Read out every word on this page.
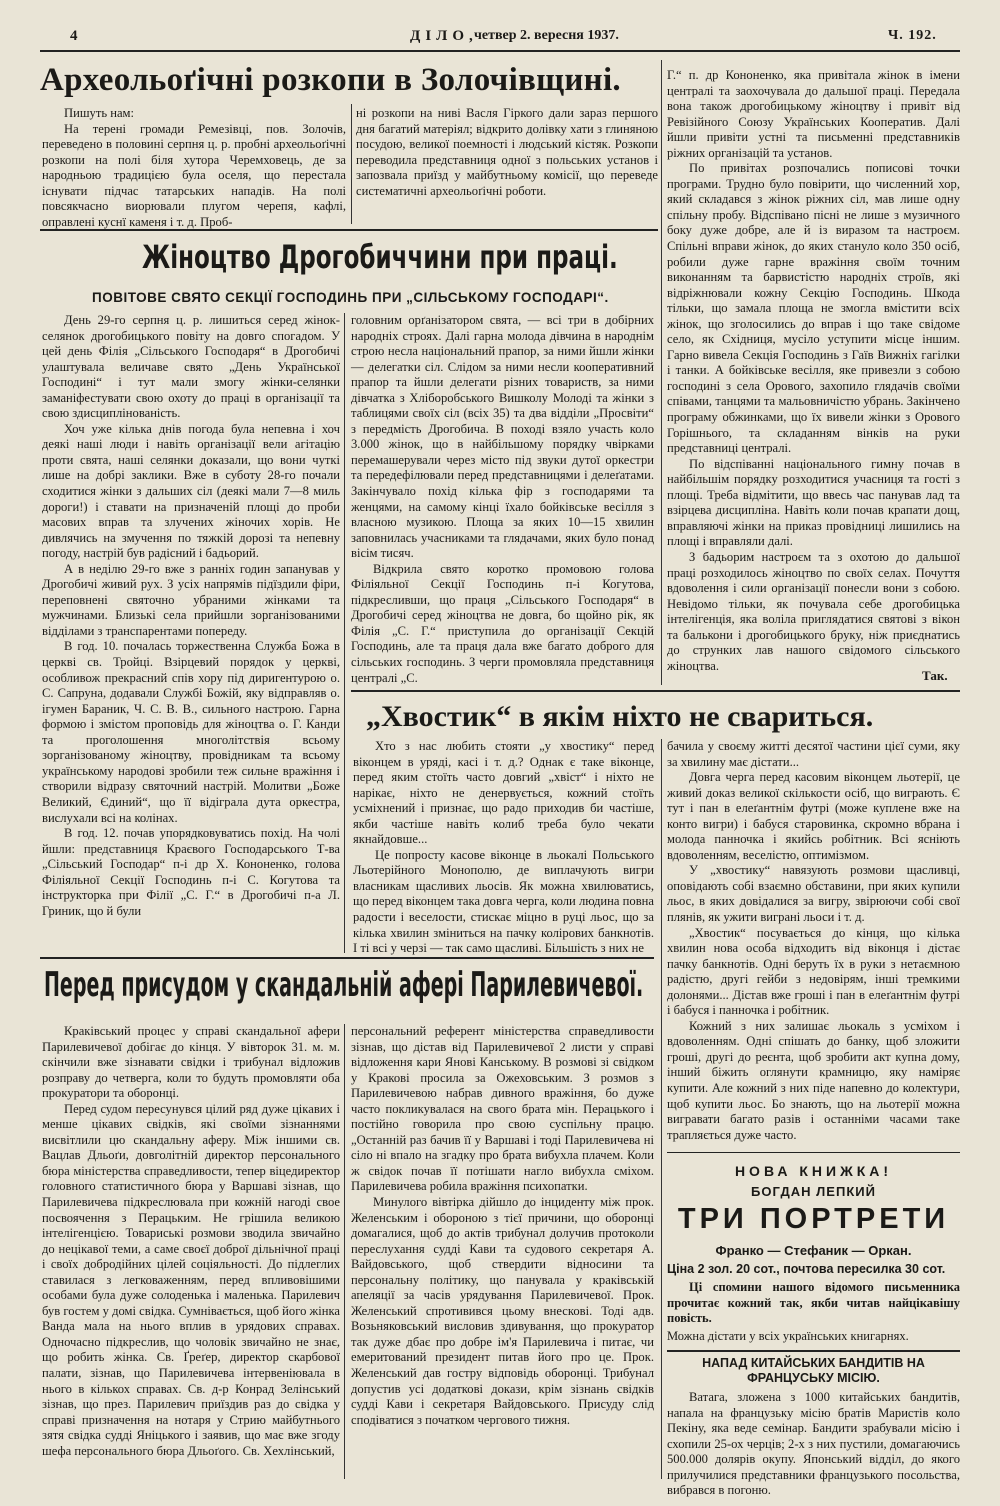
4	ДІЛО,
четвер 2. вересня 1937.	Ч. 192.
Археольоґічні розкопи в Золочівщині.

Пишуть нам:

На терені громади Ремезівці, пов. Золочів, переведено в половині серпня ц. р. пробні археольоґічні розкопи на полі біля хутора Черемховець, де за народньою традицією була оселя, що перестала існувати підчас татарських нападів. На полі повсякчасно виорювали плугом черепя, кафлі, оправлені куснї каменя і т. д. Проб-

ні розкопи на ниві Васля Гіркого дали зараз першого дня багатий матеріял; відкрито долівку хати з глиняною посудою, великої поемності і людський кістяк. Розкопи переводила представниця одної з польських установ і запозвала приїзд у майбутньому комісії, що переведе систематичні археольоґічні роботи.

Жіноцтво Дрогобиччини при праці.
ПОВІТОВЕ СВЯТО СЕКЦІЇ ГОСПОДИНЬ ПРИ „СІЛЬСЬКОМУ ГОСПОДАРІ“.

День 29-го серпня ц. р. лишиться серед жінок-селянок дрогобицького повіту на довго спогадом. У цей день Філія „Сільського Господаря“ в Дрогобичі улаштувала величаве свято „День Української Господині“ і тут мали змогу жінки-селянки заманіфестувати свою охоту до праці в організації та свою здисциплінованість.

Хоч уже кілька днів погода була непевна і хоч деякі наші люди і навіть організації вели агітацію проти свята, наші селянки доказали, що вони чуткі лише на добрі заклики. Вже в суботу 28-го почали сходитися жінки з дальших сіл (деякі мали 7—8 миль дороги!) і ставати на призначеній площі до проби масових вправ та злучених жіночих хорів. Не дивлячись на змучення по тяжкій дорозі та непевну погоду, настрій був радісний і бадьорий.

А в неділю 29-го вже з ранніх годин запанував у Дрогобичі живий рух. З усіх напрямів підїздили фіри, переповнені святочно убраними жінками та мужчинами. Близькі села прийшли зорганізованими відділами з транспарентами попереду.

В год. 10. почалась торжественна Служба Божа в церкві св. Тройці. Взірцевий порядок у церкві, особливож прекрасний спів хору під диригентурою о. С. Сапруна, додавали Службі Божій, яку відправляв о. ігумен Бараник, Ч. С. В. В., сильного настрою. Гарна формою і змістом проповідь для жіноцтва о. Г. Канди та проголошення многолітствія всьому зорганізованому жіноцтву, провідникам та всьому українському народові зробили теж сильне вражіння і створили відразу святочний настрій. Молитви „Боже Великий, Єдиний“, що її відіграла дута оркестра, вислухали всі на колінах.

В год. 12. почав упорядковуватись похід. На чолі йшли: представниця Краєвого Господарського Т-ва „Сільський Господар“ п-і др Х. Кононенко, голова Філіяльної Секції Господинь п-і С. Когутова та інструкторка при Філії „С. Г.“ в Дрогобичі п-а Л. Гриник, що й були

головним орґанізатором свята, — всі три в добірних народніх строях. Далі гарна молода дівчина в народнім строю несла національний прапор, за ними йшли жінки — делегатки сіл. Слідом за ними несли кооперативний прапор та йшли делегати різних товариств, за ними дівчатка з Хліборобського Вишколу Молоді та жінки з таблицями своїх сіл (всіх 35) та два відділи „Просвіти“ з передмість Дрогобича. В поході взяло участь коло 3.000 жінок, що в найбільшому порядку чвірками перемашерували через місто під звуки дутої оркестри та передефілювали перед представницями і делеґатами. Закінчувало похід кілька фір з господарями та женцями, на самому кінці їхало бойківське весілля з власною музикою. Площа за яких 10—15 хвилин заповнилась учасниками та глядачами, яких було понад вісім тисяч.

Відкрила свято коротко промовою голова Філіяльної Секції Господинь п-і Когутова, підкресливши, що праця „Сільського Господаря“ в Дрогобичі серед жіноцтва не довга, бо щойно рік, як Філія „С. Г.“ приступила до організації Секцій Господинь, але та праця дала вже багато доброго для сільських господинь. З черги промовляла представниця централі „С.

Г.“ п. др Кононенко, яка привітала жінок в імени централі та заохочувала до дальшої праці. Передала вона також дрогобицькому жіноцтву і привіт від Ревізійного Союзу Українських Кооператив. Далі йшли привіти устні та письменні представників ріжних організацій та установ.

По привітах розпочались пописові точки програми. Трудно було повірити, що численний хор, який складався з жінок ріжних сіл, мав лише одну спільну пробу. Відспівано пісні не лише з музичного боку дуже добре, але й із виразом та настроєм. Спільні вправи жінок, до яких стануло коло 350 осіб, робили дуже гарне вражіння своїм точним виконанням та барвистістю народніх строїв, які відріжнювали кожну Секцію Господинь. Шкода тільки, що замала площа не змогла вмістити всіх жінок, що зголосились до вправ і що таке свідоме село, як Східниця, мусіло уступити місце іншим. Гарно вивела Секція Господинь з Гаїв Вижніх гагілки і танки. А бойківське весілля, яке привезли з собою господині з села Орового, захопило глядачів своїми співами, танцями та мальовничістю убрань. Закінчено програму обжинками, що їх вивели жінки з Орового Горішнього, та складанням вінків на руки представниці централі.

По відспіванні національного гимну почав в найбільшім порядку розходитися учасниця та гості з площі. Треба відмітити, що ввесь час панував лад та взірцева дисципліна. Навіть коли почав крапати дощ, вправляючі жінки на приказ провідниці лишились на площі і вправляли далі.

З бадьорим настроєм та з охотою до дальшої праці розходилось жіноцтво по своїх селах. Почуття вдоволення і сили організації понесли вони з собою. Невідомо тільки, як почувала себе дрогобицька інтелігенція, яка воліла приглядатися святові з вікон та балькони і дрогобицького бруку, ніж приєднатись до струнких лав нашого свідомого сільського жіноцтва.

Так.
„Хвостик“ в якім ніхто не свариться.

Хто з нас любить стояти „у хвостику“ перед віконцем в уряді, касі і т. д.? Однак є таке віконце, перед яким стоїть часто довгий „хвіст“ і ніхто не нарікає, ніхто не денервується, кожний стоїть усміхнений і признає, що радо приходив би частіше, якби частіше навіть колиб треба було чекати якнайдовше...

Це попросту касове віконце в льокалі Польського Льотерійного Монополю, де виплачують вигри власникам щасливих льосів. Як можна хвилюватись, що перед віконцем така довга черга, коли людина повна радости і веселости, стискає міцно в руці льос, що за кілька хвилин зміниться на пачку колірових банкнотів. І ті всі у черзі — так само щасливі. Більшість з них не

бачила у своєму житті десятої частини цієї суми, яку за хвилину має дістати...

Довга черга перед касовим віконцем льотерії, це живий доказ великої скількости осіб, що виграють. Є тут і пан в елеґантнім футрі (може куплене вже на конто вигри) і бабуся старовинка, скромно вбрана і молода панночка і якийсь робітник. Всі ясніють вдоволенням, веселістю, оптимізмом.

У „хвостику“ навязують розмови щасливці, оповідають собі взаємно обставини, при яких купили льос, в яких довідалися за вигру, звірюючи собі свої плянів, як ужити виграні льоси і т. д.

„Хвостик“ посувається до кінця, що кілька хвилин нова особа відходить від віконця і дістає пачку банкнотів. Одні беруть їх в руки з нетаємною радістю, другі гейби з недовірям, інші тремкими долонями... Дістав вже гроші і пан в елеґантнім футрі і бабуся і панночка і робітник.

Кожний з них залишає льокаль з усміхом і вдоволенням. Одні спішать до банку, щоб зложити гроші, другі до реєнта, щоб зробити акт купна дому, інший біжить оглянути крамницю, яку наміряє купити. Але кожний з них піде напевно до колектури, щоб купити льос. Бо знають, що на льотерії можна вигравати багато разів і останніми часами таке трапляється дуже часто.

Перед присудом у скандальній афері Парилевичевої.

Краківський процес у справі скандальної афери Парилевичевої добігає до кінця. У вівторок 31. м. м. скінчили вже зізнавати свідки і трибунал відложив розправу до четверга, коли то будуть промовляти оба прокуратори та оборонці.

Перед судом пересунувся цілий ряд дуже цікавих і менше цікавих свідків, які своїми зізнаннями висвітлили цю скандальну аферу. Між іншими св. Вацлав Дльоґи, довголітній директор персонального бюра міністерства справедливости, тепер віцедиректор головного статистичного бюра у Варшаві зізнав, що Парилевичева підкреслювала при кожній нагоді свое посвоячення з Перацьким. Не грішила великою інтелігенцією. Товариські розмови зводила звичайно до нецікавої теми, а саме своєї доброї дільнічної праці і своїх добродійних цілей соціяльності. До підлеглих ставилася з легковаженням, перед впливовішими особами була дуже солоденька і маленька. Парилевич був гостем у домі свідка. Сумнівається, щоб його жінка Ванда мала на нього вплив в урядових справах. Одночасно підкреслив, що чоловік звичайно не знає, що робить жінка. Св. Ґреґер, директор скарбової палати, зізнав, що Парилевичева інтервеніювала в нього в кількох справах. Св. д-р Конрад Зелінський зізнав, що през. Парилевич приїздив раз до свідка у справі призначення на нотаря у Стрию майбутнього зятя свідка судді Яніцького і заявив, що має вже згоду шефа персонального бюра Дльоґого. Св. Хехлінський,

персональний референт міністерства справедливости зізнав, що дістав від Парилевичевої 2 листи у справі відложення кари Янові Канському. В розмові зі свідком у Кракові просила за Ожеховським. З розмов з Парилевичевою набрав дивного вражіння, бо дуже часто покликувалася на свого брата мін. Перацького і постійно говорила про свою суспільну працю. „Останній раз бачив її у Варшаві і тоді Парилевичева ні сіло ні впало на згадку про брата вибухла плачем. Коли ж свідок почав її потішати нагло вибухла сміхом. Парилевичева робила вражіння психопатки.

Минулого вівтірка дійшло до інциденту між прок. Желенським і обороною з тієї причини, що оборонці домагалися, щоб до актів трибунал долучив протоколи переслухання судді Кави та судового секретаря А. Вайдовського, щоб ствердити відносини та персональну політику, що панувала у краківській апеляції за часів урядування Парилевичевої. Прок. Желенський спротивився цьому внескові. Тоді адв. Возьняковський висловив здивування, що прокуратор так дуже дбає про добре ім'я Парилевича і питає, чи емеритований президент питав його про це. Прок. Желенський дав гостру відповідь оборонці. Трибунал допустив усі додаткові докази, крім зізнань свідків судді Кави і секретаря Вайдовського. Присуду слід сподіватися з початком чергового тижня.

НОВА КНИЖКА!
БОГДАН ЛЕПКИЙ
ТРИ ПОРТРЕТИ
Франко — Стефаник — Оркан.
Ціна 2 зол. 20 сот., почтова пересилка 30 сот.
Ці спомини нашого відомого письменника прочитає кожний так, якби читав найцікавішу повість.
Можна дістати у всіх українських книгарнях.
НАПАД КИТАЙСЬКИХ БАНДИТІВ НА ФРАНЦУСЬКУ МІСІЮ.

Ватага, зложена з 1000 китайських бандитів, напала на французьку місію братів Маристів коло Пекіну, яка веде семінар. Бандити зрабували місію і схопили 25-ох черців; 2-х з них пустили, домагаючись 500.000 долярів окупу. Японський відділ, до якого прилучилися представники французького посольства, вибрався в погоню.
